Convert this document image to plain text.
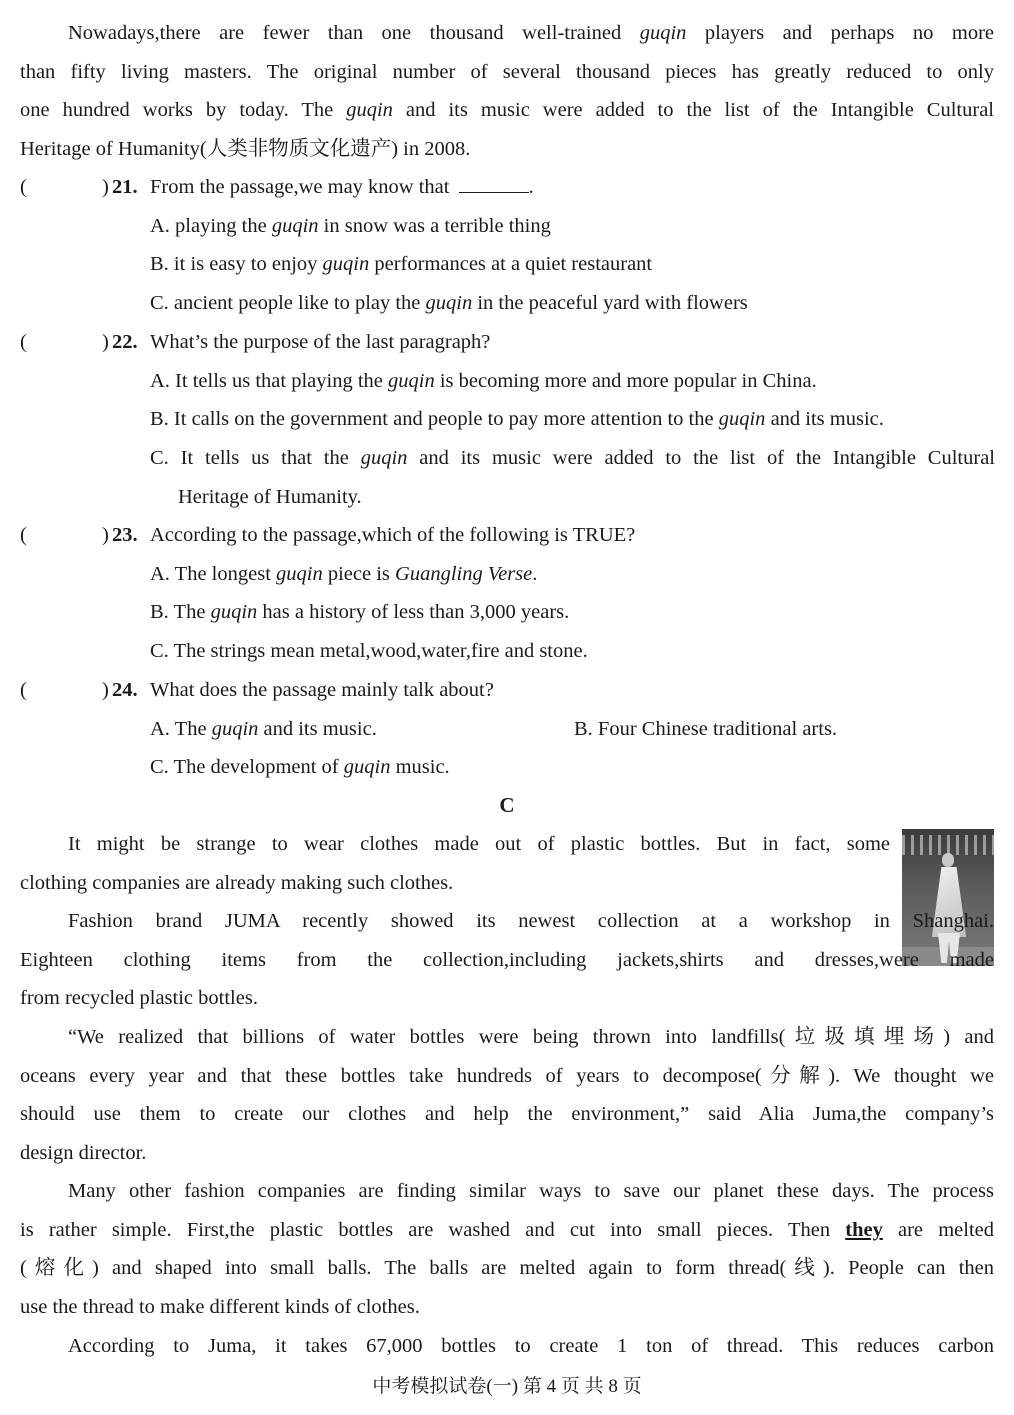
Nowadays,there are fewer than one thousand well-trained guqin players and perhaps no more
than fifty living masters. The original number of several thousand pieces has greatly reduced to only
one hundred works by today. The guqin and its music were added to the list of the Intangible Cultural
Heritage of Humanity(人类非物质文化遗产) in 2008.
(	) 21. From the passage,we may know that	.
A. playing the guqin in snow was a terrible thing
B. it is easy to enjoy guqin performances at a quiet restaurant
C. ancient people like to play the guqin in the peaceful yard with flowers
(	) 22. What’s the purpose of the last paragraph?
A. It tells us that playing the guqin is becoming more and more popular in China.
B. It calls on the government and people to pay more attention to the guqin and its music.
C. It tells us that the guqin and its music were added to the list of the Intangible Cultural
Heritage of Humanity.
(	) 23. According to the passage,which of the following is TRUE?
A. The longest guqin piece is Guangling Verse.
B. The guqin has a history of less than 3,000 years.
C. The strings mean metal,wood,water,fire and stone.
(	) 24. What does the passage mainly talk about?
A. The guqin and its music.	B. Four Chinese traditional arts.
C. The development of guqin music.
C
It might be strange to wear clothes made out of plastic bottles. But in fact, some
clothing companies are already making such clothes.
Fashion brand JUMA recently showed its newest collection at a workshop in Shanghai.
Eighteen clothing items from the collection,including jackets,shirts and dresses,were made
from recycled plastic bottles.
“We realized that billions of water bottles were being thrown into landfills(垃圾填埋场) and
oceans every year and that these bottles take hundreds of years to decompose(分解). We thought we
should use them to create our clothes and help the environment,” said Alia Juma,the company’s
design director.
Many other fashion companies are finding similar ways to save our planet these days. The process
is rather simple. First,the plastic bottles are washed and cut into small pieces. Then they are melted
(熔化) and shaped into small balls. The balls are melted again to form thread(线). People can then
use the thread to make different kinds of clothes.
According to Juma, it takes 67,000 bottles to create 1 ton of thread. This reduces carbon
中考模拟试卷(一) 第 4 页 共 8 页
